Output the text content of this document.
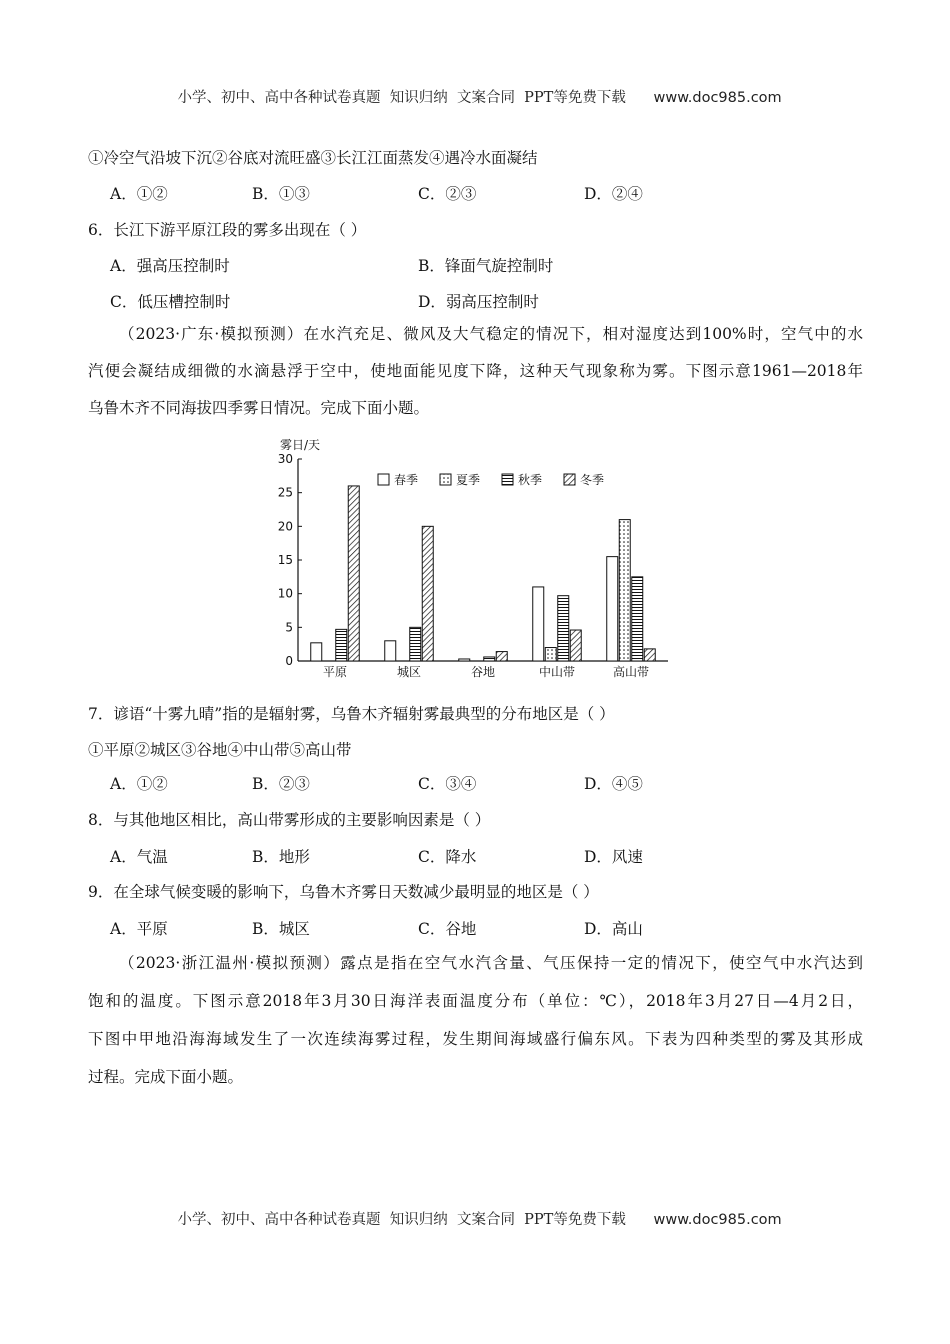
小学、初中、高中各种试卷真题  知识归纳  文案合同  PPT等免费下载 www.doc985.com

①冷空气沿坡下沉②谷底对流旺盛③长江江面蒸发④遇冷水面凝结
A．①②	B．①③	C．②③	D．②④
6．长江下游平原江段的雾多出现在（ ）
A．强高压控制时	B．锋面气旋控制时
C．低压槽控制时	D．弱高压控制时
（2023·广东·模拟预测）在水汽充足、微风及大气稳定的情况下，相对湿度达到100%时，空气中的水
汽便会凝结成细微的水滴悬浮于空中，使地面能见度下降，这种天气现象称为雾。下图示意1961—2018年
乌鲁木齐不同海拔四季雾日情况。完成下面小题。
雾日/天
0
5
10
15
20
25
30
平原	城区	谷地	中山带	高山带
春季	夏季	秋季	冬季
7．谚语“十雾九晴”指的是辐射雾，乌鲁木齐辐射雾最典型的分布地区是（ ）
①平原②城区③谷地④中山带⑤高山带
A．①②	B．②③	C．③④	D．④⑤
8．与其他地区相比，高山带雾形成的主要影响因素是（ ）
A．气温	B．地形	C．降水	D．风速
9．在全球气候变暖的影响下，乌鲁木齐雾日天数减少最明显的地区是（ ）
A．平原	B．城区	C．谷地	D．高山
（2023·浙江温州·模拟预测）露点是指在空气水汽含量、气压保持一定的情况下，使空气中水汽达到
饱和的温度。下图示意2018年3月30日海洋表面温度分布（单位：℃），2018年3月27日—4月2日，
下图中甲地沿海海域发生了一次连续海雾过程，发生期间海域盛行偏东风。下表为四种类型的雾及其形成
过程。完成下面小题。

小学、初中、高中各种试卷真题  知识归纳  文案合同  PPT等免费下载 www.doc985.com
